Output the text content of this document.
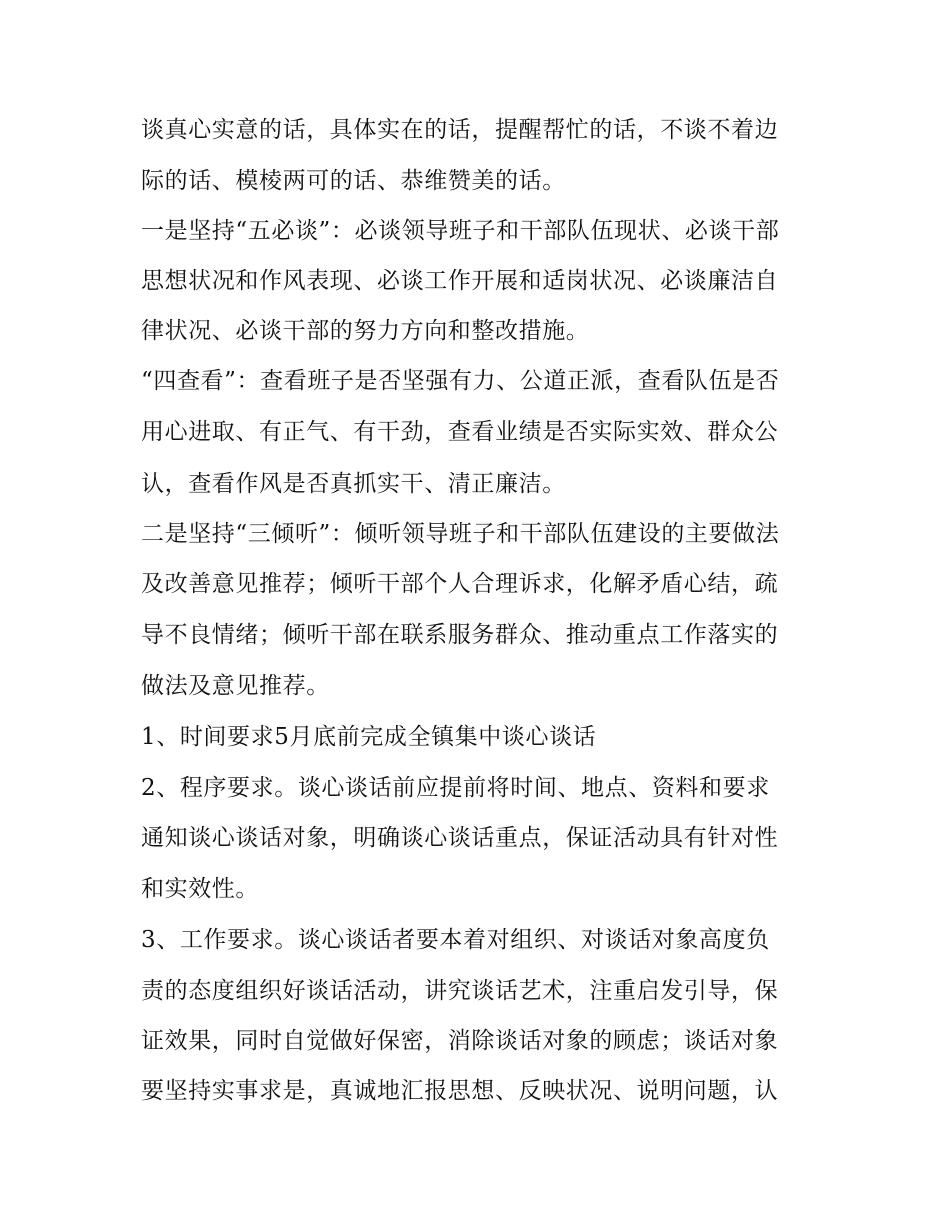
谈真心实意的话，具体实在的话，提醒帮忙的话，不谈不着边
际的话、模棱两可的话、恭维赞美的话。
一是坚持“五必谈”：必谈领导班子和干部队伍现状、必谈干部
思想状况和作风表现、必谈工作开展和适岗状况、必谈廉洁自
律状况、必谈干部的努力方向和整改措施。
“四查看”：查看班子是否坚强有力、公道正派，查看队伍是否
用心进取、有正气、有干劲，查看业绩是否实际实效、群众公
认，查看作风是否真抓实干、清正廉洁。
二是坚持“三倾听”：倾听领导班子和干部队伍建设的主要做法
及改善意见推荐；倾听干部个人合理诉求，化解矛盾心结，疏
导不良情绪；倾听干部在联系服务群众、推动重点工作落实的
做法及意见推荐。
1、时间要求5月底前完成全镇集中谈心谈话
2、程序要求。谈心谈话前应提前将时间、地点、资料和要求
通知谈心谈话对象，明确谈心谈话重点，保证活动具有针对性
和实效性。
3、工作要求。谈心谈话者要本着对组织、对谈话对象高度负
责的态度组织好谈话活动，讲究谈话艺术，注重启发引导，保
证效果，同时自觉做好保密，消除谈话对象的顾虑；谈话对象
要坚持实事求是，真诚地汇报思想、反映状况、说明问题，认
